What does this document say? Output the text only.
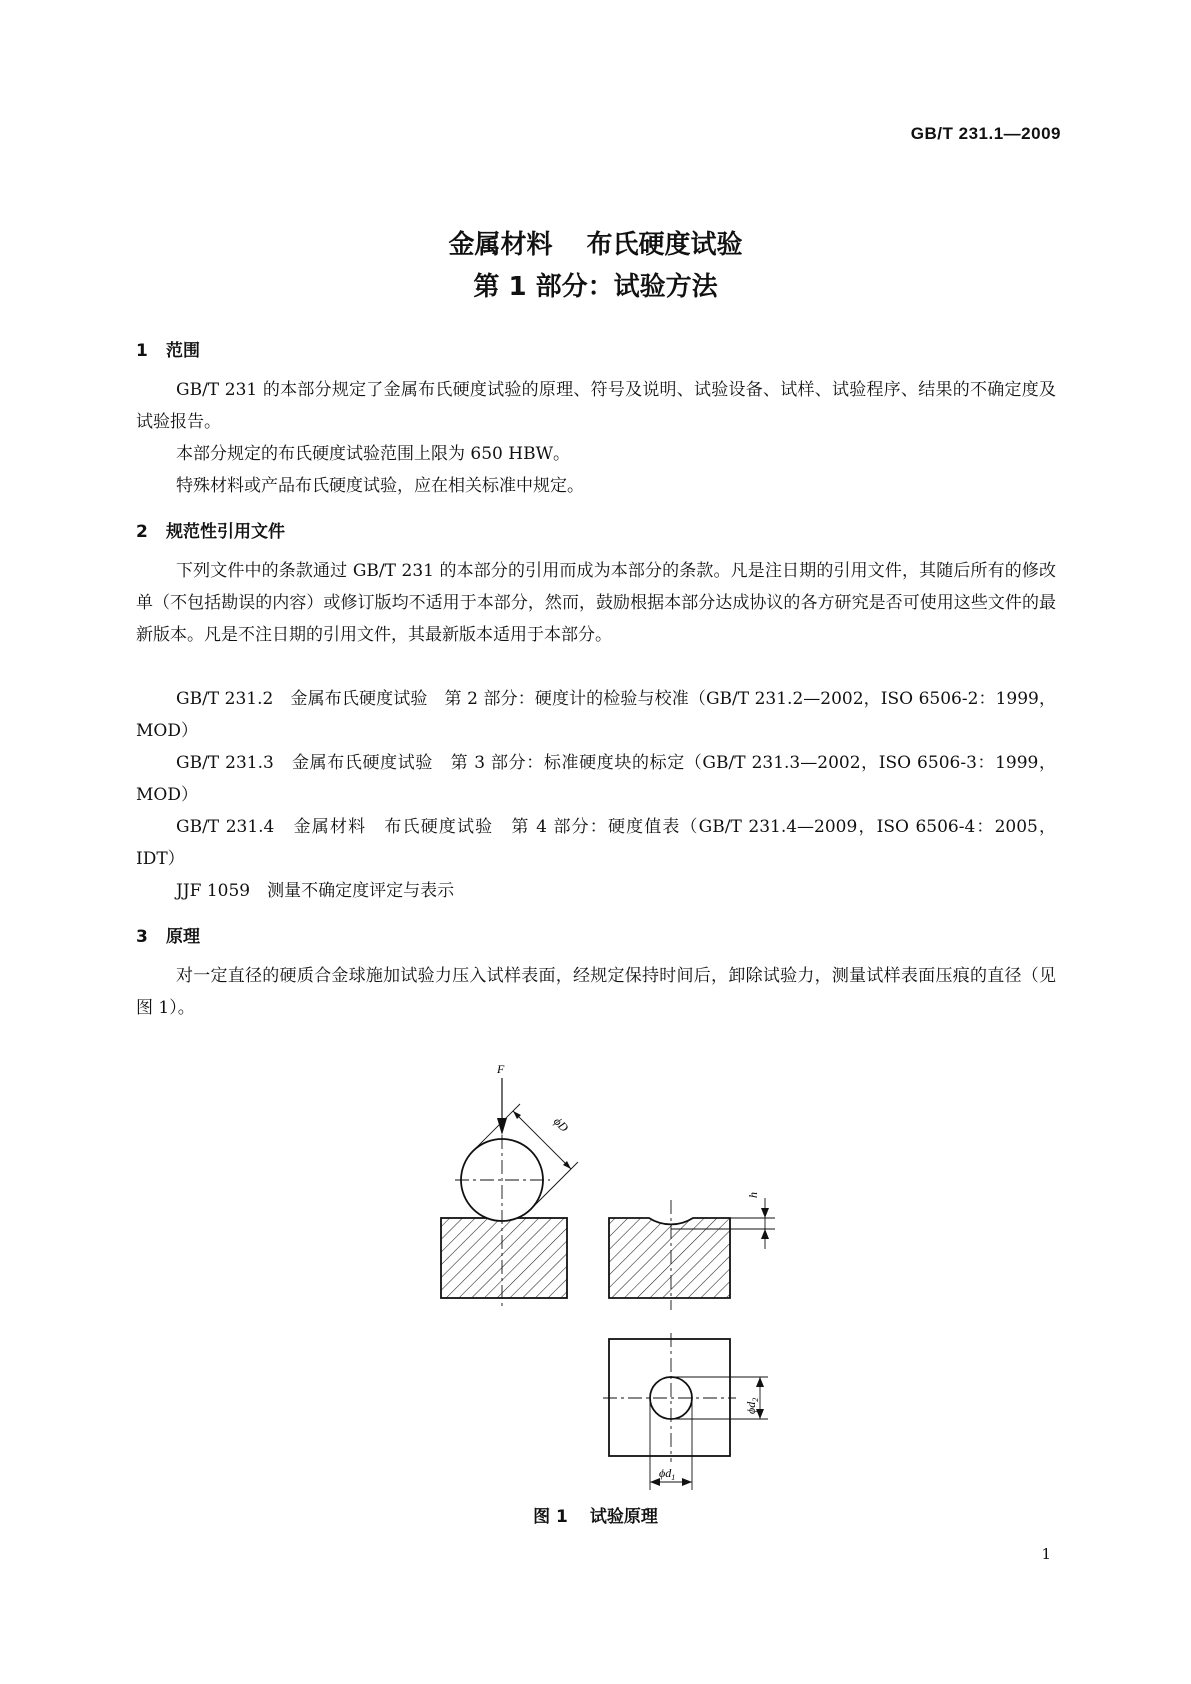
GB/T 231.1—2009
金属材料 布氏硬度试验
第 1 部分：试验方法
1 范围
GB/T 231 的本部分规定了金属布氏硬度试验的原理、符号及说明、试验设备、试样、试验程序、结果的不确定度及试验报告。
本部分规定的布氏硬度试验范围上限为 650 HBW。
特殊材料或产品布氏硬度试验，应在相关标准中规定。
2 规范性引用文件
下列文件中的条款通过 GB/T 231 的本部分的引用而成为本部分的条款。凡是注日期的引用文件，其随后所有的修改单（不包括勘误的内容）或修订版均不适用于本部分，然而，鼓励根据本部分达成协议的各方研究是否可使用这些文件的最新版本。凡是不注日期的引用文件，其最新版本适用于本部分。
GB/T 231.2　金属布氏硬度试验　第 2 部分：硬度计的检验与校准（GB/T 231.2—2002，ISO 6506-2：1999，MOD）
GB/T 231.3　金属布氏硬度试验　第 3 部分：标准硬度块的标定（GB/T 231.3—2002，ISO 6506-3：1999，MOD）
GB/T 231.4　金属材料　布氏硬度试验　第 4 部分：硬度值表（GB/T 231.4—2009，ISO 6506-4：2005，IDT）
JJF 1059　测量不确定度评定与表示
3 原理
对一定直径的硬质合金球施加试验力压入试样表面，经规定保持时间后，卸除试验力，测量试样表面压痕的直径（见图 1）。
F
ϕD
h
$\phi d_2$
$\phi d_1$
图 1 试验原理
1
